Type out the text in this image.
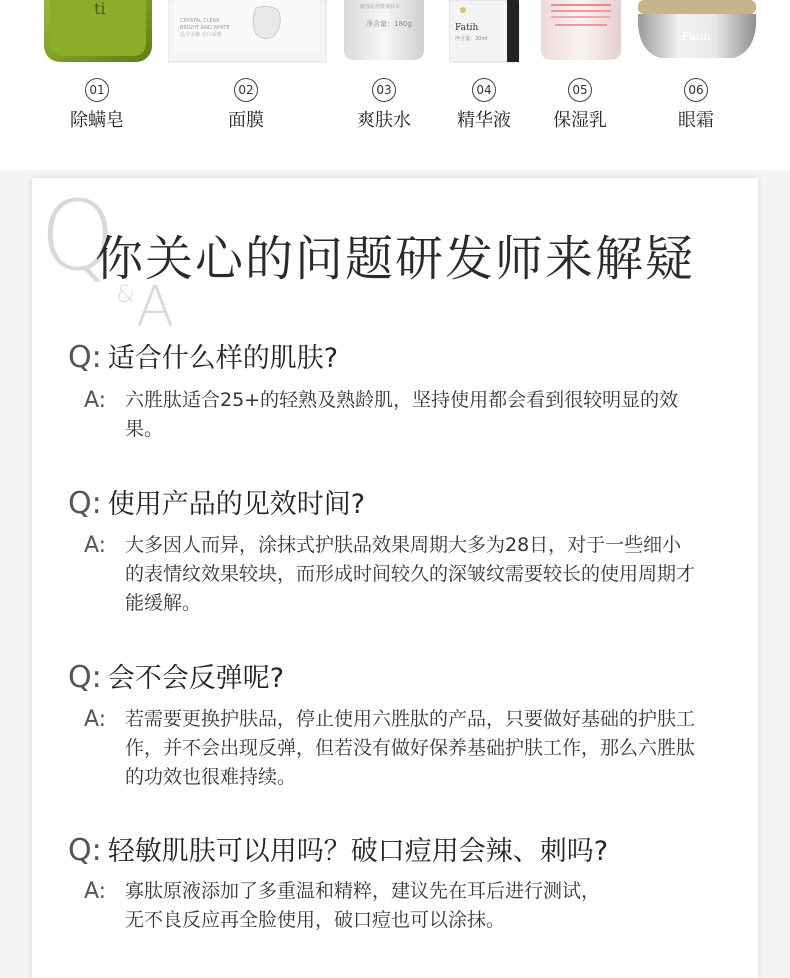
ti
CRYSTAL CLEAR
BRIGHT AND WHITE
晶莹水嫩 亮白面膜
蓝莲花舒缓爽肤水
净含量：180g	Fatih
净含量：30ml	Fatih
01
除螨皂
02
面膜
03
爽肤水
04
精华液
05
保湿乳
06
眼霜
Q
& A
你关心的问题研发师来解疑
Q: 适合什么样的肌肤?
A: 六胜肽适合25+的轻熟及熟龄肌，坚持使用都会看到很较明显的效果。
Q: 使用产品的见效时间?
A: 大多因人而异，涂抹式护肤品效果周期大多为28日，对于一些细小的表情纹效果较块，而形成时间较久的深皱纹需要较长的使用周期才能缓解。
Q: 会不会反弹呢?
A: 若需要更换护肤品，停止使用六胜肽的产品，只要做好基础的护肤工作，并不会出现反弹，但若没有做好保养基础护肤工作，那么六胜肽的功效也很难持续。
Q: 轻敏肌肤可以用吗？破口痘用会辣、刺吗?
A: 寡肽原液添加了多重温和精粹，建议先在耳后进行测试，
无不良反应再全脸使用，破口痘也可以涂抹。
